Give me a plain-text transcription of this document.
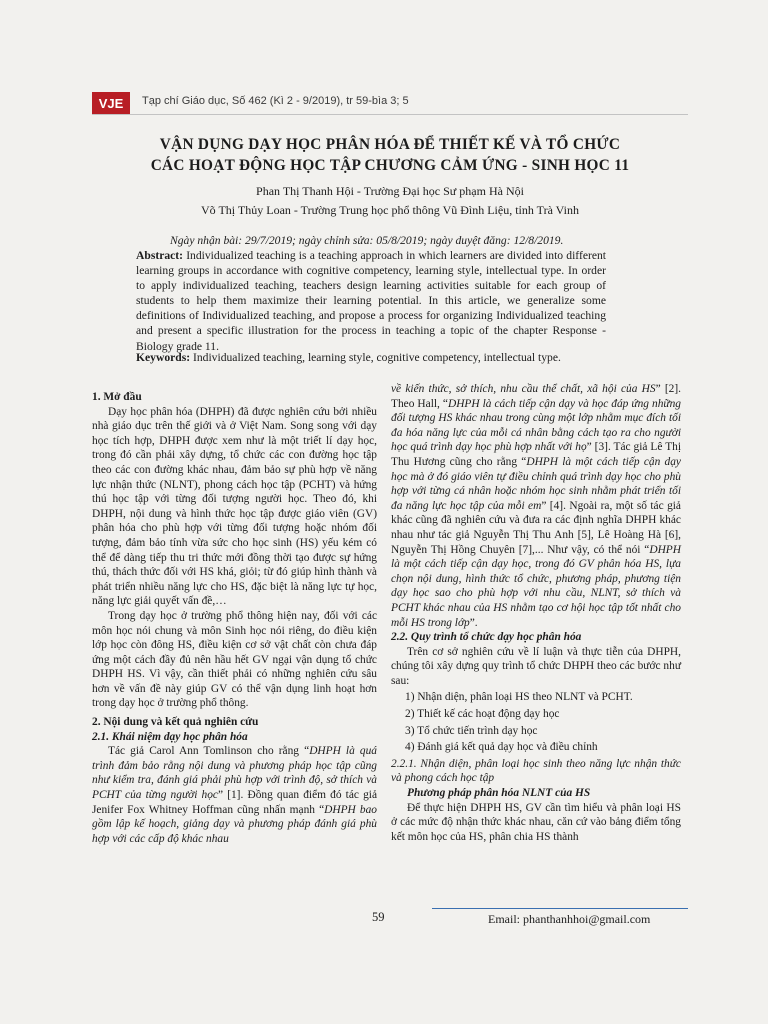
VJE	Tạp chí Giáo dục, Số 462 (Kì 2 - 9/2019), tr 59-bìa 3; 5
VẬN DỤNG DẠY HỌC PHÂN HÓA ĐỂ THIẾT KẾ VÀ TỔ CHỨC
CÁC HOẠT ĐỘNG HỌC TẬP CHƯƠNG CẢM ỨNG - SINH HỌC 11
Phan Thị Thanh Hội - Trường Đại học Sư phạm Hà Nội
Võ Thị Thủy Loan - Trường Trung học phổ thông Vũ Đình Liệu, tỉnh Trà Vinh
Ngày nhận bài: 29/7/2019; ngày chỉnh sửa: 05/8/2019; ngày duyệt đăng: 12/8/2019.
Abstract: Individualized teaching is a teaching approach in which learners are divided into different learning groups in accordance with cognitive competency, learning style, intellectual type. In order to apply individualized teaching, teachers design learning activities suitable for each group of students to help them maximize their learning potential. In this article, we generalize some definitions of Individualized teaching, and propose a process for organizing Individualized teaching and present a specific illustration for the process in teaching a topic of the chapter Response - Biology grade 11.
Keywords: Individualized teaching, learning style, cognitive competency, intellectual type.

1. Mở đầu

Dạy học phân hóa (DHPH) đã được nghiên cứu bởi nhiều nhà giáo dục trên thế giới và ở Việt Nam. Song song với dạy học tích hợp, DHPH được xem như là một triết lí dạy học, trong đó cần phải xây dựng, tổ chức các con đường học tập theo các con đường khác nhau, đảm bảo sự phù hợp về năng lực nhận thức (NLNT), phong cách học tập (PCHT) và hứng thú học tập với từng đối tượng người học. Theo đó, khi DHPH, nội dung và hình thức học tập được giáo viên (GV) phân hóa cho phù hợp với từng đối tượng hoặc nhóm đối tượng, đảm bảo tính vừa sức cho học sinh (HS) yếu kém có thể để dàng tiếp thu tri thức mới đồng thời tạo được sự hứng thú, thách thức đối với HS khá, giỏi; từ đó giúp hình thành và phát triển nhiều năng lực cho HS, đặc biệt là năng lực tự học, năng lực giải quyết vấn đề,…

Trong dạy học ở trường phổ thông hiện nay, đối với các môn học nói chung và môn Sinh học nói riêng, do điều kiện lớp học còn đông HS, điều kiện cơ sở vật chất còn chưa đáp ứng một cách đầy đủ nên hầu hết GV ngại vận dụng tổ chức DHPH HS. Vì vậy, cần thiết phải có những nghiên cứu sâu hơn về vấn đề này giúp GV có thể vận dụng linh hoạt hơn trong dạy học ở trường phổ thông.

2. Nội dung và kết quả nghiên cứu

2.1. Khái niệm dạy học phân hóa

Tác giả Carol Ann Tomlinson cho rằng “DHPH là quá trình đảm bảo rằng nội dung và phương pháp học tập cũng như kiểm tra, đánh giá phải phù hợp với trình độ, sở thích và PCHT của từng người học” [1]. Đồng quan điểm đó tác giả Jenifer Fox Whitney Hoffman cũng nhấn mạnh “DHPH bao gồm lập kế hoạch, giảng dạy và phương pháp đánh giá phù hợp với các cấp độ khác nhau

về kiến thức, sở thích, nhu cầu thể chất, xã hội của HS” [2]. Theo Hall, “DHPH là cách tiếp cận dạy và học đáp ứng những đối tượng HS khác nhau trong cùng một lớp nhằm mục đích tối đa hóa năng lực của mỗi cá nhân bằng cách tạo ra cho người học quá trình dạy học phù hợp nhất với họ” [3]. Tác giả Lê Thị Thu Hương cũng cho rằng “DHPH là một cách tiếp cận dạy học mà ở đó giáo viên tự điều chỉnh quá trình dạy học cho phù hợp với từng cá nhân hoặc nhóm học sinh nhằm phát triển tối đa năng lực học tập của mỗi em” [4]. Ngoài ra, một số tác giả khác cũng đã nghiên cứu và đưa ra các định nghĩa DHPH khác nhau như tác giả Nguyễn Thị Thu Anh [5], Lê Hoàng Hà [6], Nguyễn Thị Hồng Chuyên [7],... Như vậy, có thể nói “DHPH là một cách tiếp cận dạy học, trong đó GV phân hóa HS, lựa chọn nội dung, hình thức tổ chức, phương pháp, phương tiện dạy học sao cho phù hợp với nhu cầu, NLNT, sở thích và PCHT khác nhau của HS nhằm tạo cơ hội học tập tốt nhất cho mỗi HS trong lớp”.

2.2. Quy trình tổ chức dạy học phân hóa

Trên cơ sở nghiên cứu về lí luận và thực tiễn của DHPH, chúng tôi xây dựng quy trình tổ chức DHPH theo các bước như sau:

1) Nhận diện, phân loại HS theo NLNT và PCHT.

2) Thiết kế các hoạt động dạy học

3) Tổ chức tiến trình dạy học

4) Đánh giá kết quả dạy học và điều chỉnh

2.2.1. Nhận diện, phân loại học sinh theo năng lực nhận thức và phong cách học tập

Phương pháp phân hóa NLNT của HS

Để thực hiện DHPH HS, GV cần tìm hiểu và phân loại HS ở các mức độ nhận thức khác nhau, căn cứ vào bảng điểm tổng kết môn học của HS, phân chia HS thành

59	Email: phanthanhhoi@gmail.com
